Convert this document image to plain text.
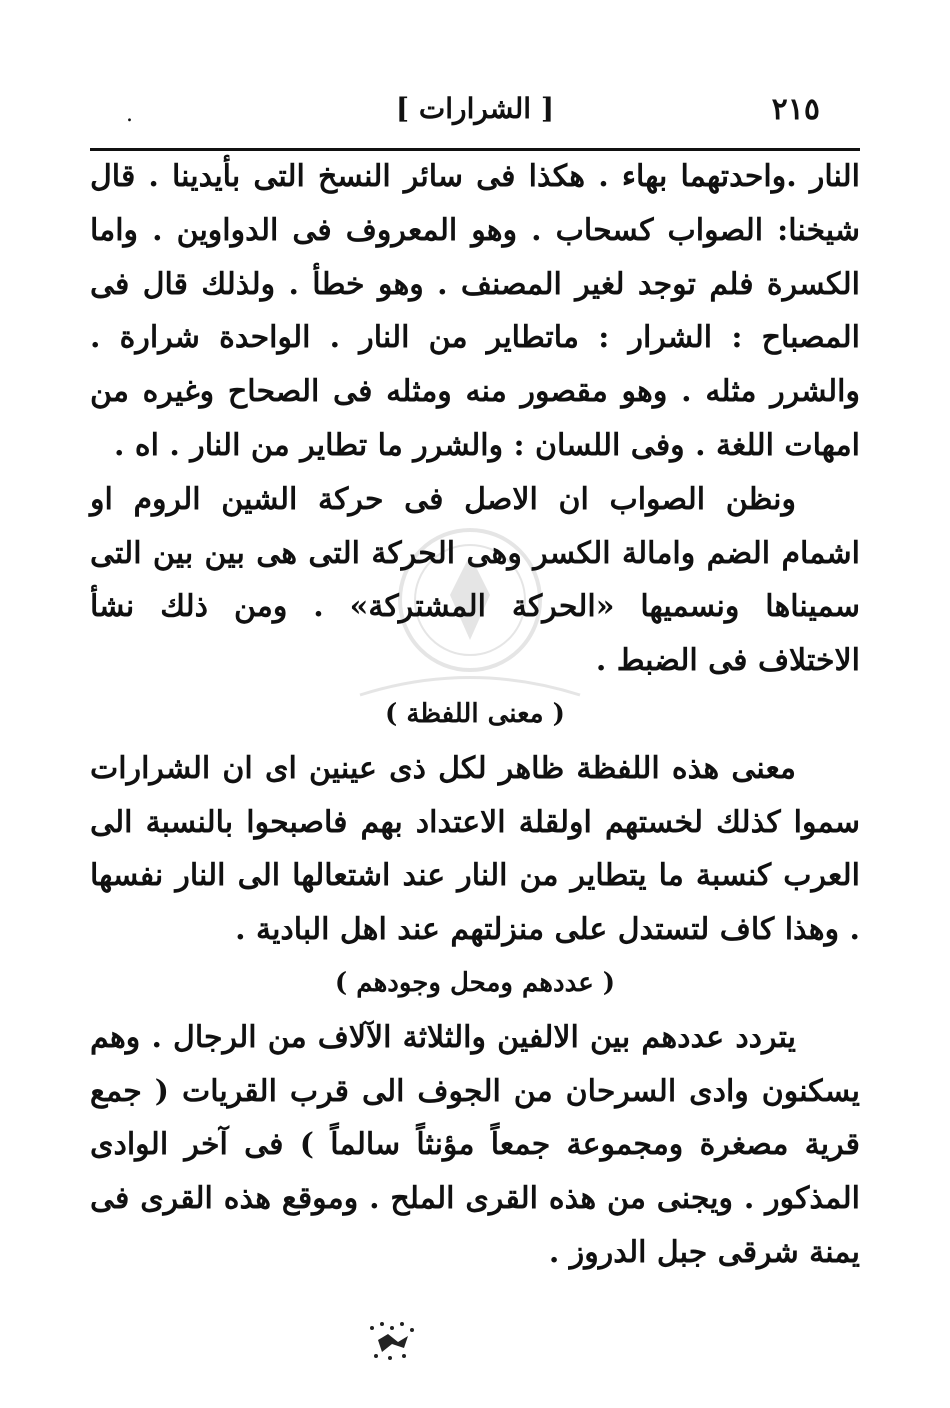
.	[ الشرارات ]	٢١٥

النار .واحدتهما بهاء . هكذا فى سائر النسخ التى بأيدينا . قال شيخنا: الصواب كسحاب . وهو المعروف فى الدواوين . واما الكسرة فلم توجد لغير المصنف . وهو خطأ . ولذلك قال فى المصباح : الشرار : ماتطاير من النار . الواحدة شرارة . والشرر مثله . وهو مقصور منه ومثله فى الصحاح وغيره من امهات اللغة . وفى اللسان : والشرر ما تطاير من النار . اه .

ونظن الصواب ان الاصل فى حركة الشين الروم او اشمام الضم وامالة الكسر وهى الحركة التى هى بين بين التى سميناها ونسميها «الحركة المشتركة» . ومن ذلك نشأ الاختلاف فى الضبط .

( معنى اللفظة )

معنى هذه اللفظة ظاهر لكل ذى عينين اى ان الشرارات سموا كذلك لخستهم اولقلة الاعتداد بهم فاصبحوا بالنسبة الى العرب كنسبة ما يتطاير من النار عند اشتعالها الى النار نفسها . وهذا كاف لتستدل على منزلتهم عند اهل البادية .

( عددهم ومحل وجودهم )

يتردد عددهم بين الالفين والثلاثة الآلاف من الرجال . وهم يسكنون وادى السرحان من الجوف الى قرب القريات ( جمع قرية مصغرة ومجموعة جمعاً مؤنثاً سالماً ) فى آخر الوادى المذكور . ويجنى من هذه القرى الملح . وموقع هذه القرى فى يمنة شرقى جبل الدروز .
